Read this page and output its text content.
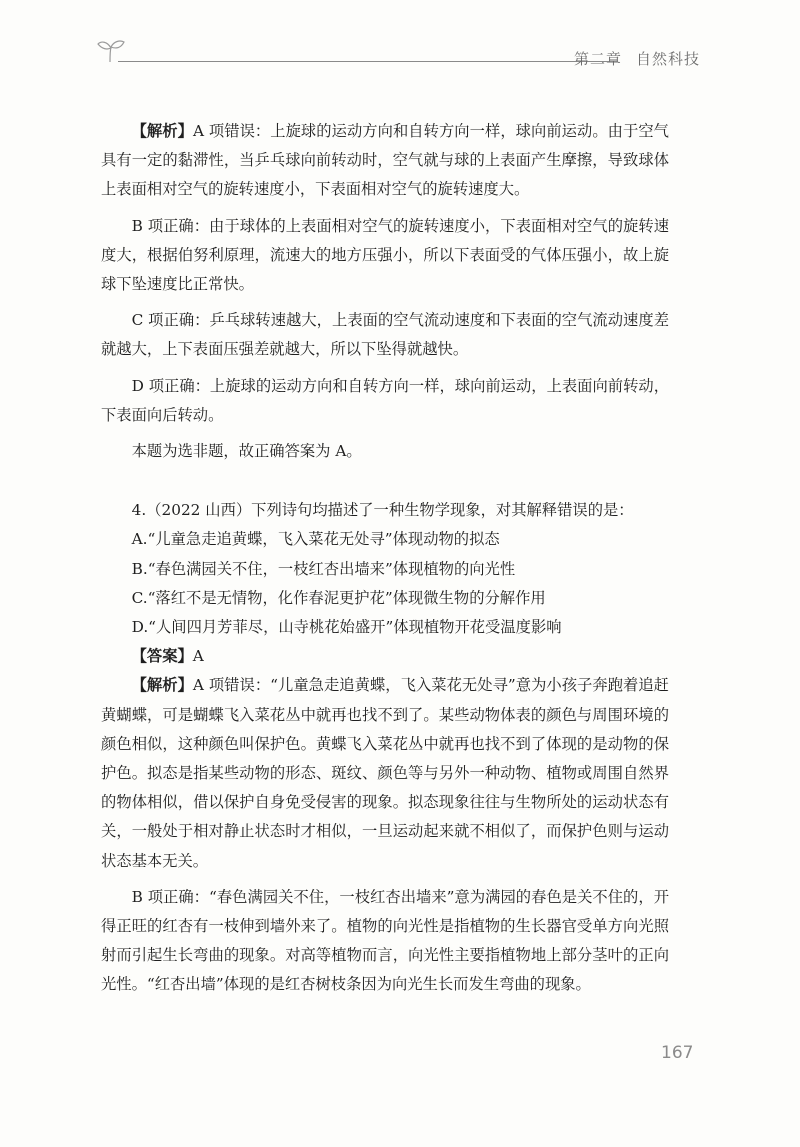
第二章 自然科技

【解析】A 项错误：上旋球的运动方向和自转方向一样，球向前运动。由于空气具有一定的黏滞性，当乒乓球向前转动时，空气就与球的上表面产生摩擦，导致球体上表面相对空气的旋转速度小，下表面相对空气的旋转速度大。

B 项正确：由于球体的上表面相对空气的旋转速度小，下表面相对空气的旋转速度大，根据伯努利原理，流速大的地方压强小，所以下表面受的气体压强小，故上旋球下坠速度比正常快。

C 项正确：乒乓球转速越大，上表面的空气流动速度和下表面的空气流动速度差就越大，上下表面压强差就越大，所以下坠得就越快。

D 项正确：上旋球的运动方向和自转方向一样，球向前运动，上表面向前转动，下表面向后转动。

本题为选非题，故正确答案为 A。

4.（2022 山西）下列诗句均描述了一种生物学现象，对其解释错误的是：

A.“儿童急走追黄蝶，飞入菜花无处寻”体现动物的拟态

B.“春色满园关不住，一枝红杏出墙来”体现植物的向光性

C.“落红不是无情物，化作春泥更护花”体现微生物的分解作用

D.“人间四月芳菲尽，山寺桃花始盛开”体现植物开花受温度影响

【答案】A

【解析】A 项错误：“儿童急走追黄蝶，飞入菜花无处寻”意为小孩子奔跑着追赶黄蝴蝶，可是蝴蝶飞入菜花丛中就再也找不到了。某些动物体表的颜色与周围环境的颜色相似，这种颜色叫保护色。黄蝶飞入菜花丛中就再也找不到了体现的是动物的保护色。拟态是指某些动物的形态、斑纹、颜色等与另外一种动物、植物或周围自然界的物体相似，借以保护自身免受侵害的现象。拟态现象往往与生物所处的运动状态有关，一般处于相对静止状态时才相似，一旦运动起来就不相似了，而保护色则与运动状态基本无关。

B 项正确：“春色满园关不住，一枝红杏出墙来”意为满园的春色是关不住的，开得正旺的红杏有一枝伸到墙外来了。植物的向光性是指植物的生长器官受单方向光照射而引起生长弯曲的现象。对高等植物而言，向光性主要指植物地上部分茎叶的正向光性。“红杏出墙”体现的是红杏树枝条因为向光生长而发生弯曲的现象。

167
